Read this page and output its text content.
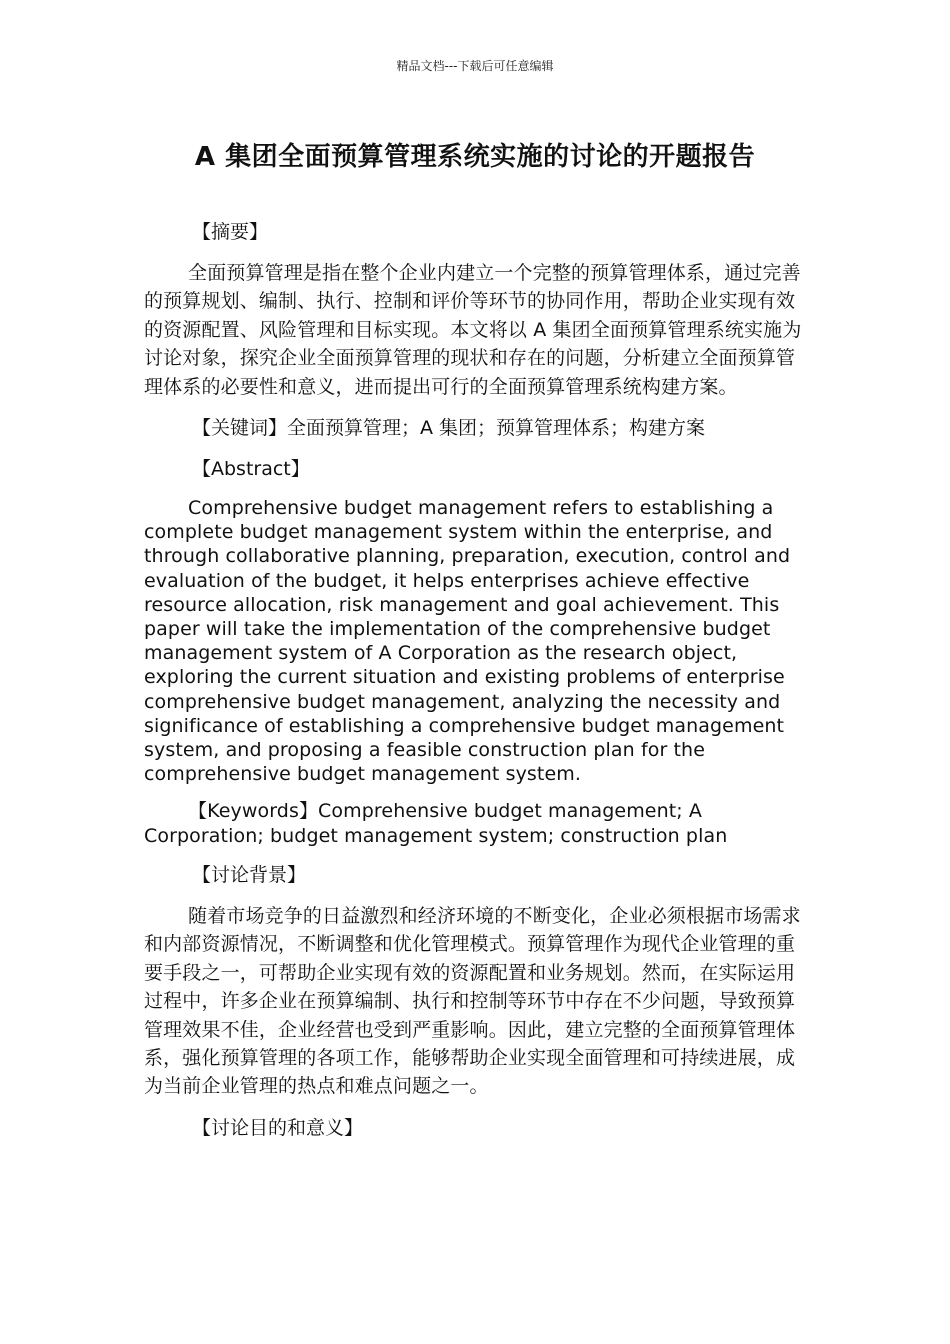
精品文档---下载后可任意编辑
A 集团全面预算管理系统实施的讨论的开题报告

【摘要】

全面预算管理是指在整个企业内建立一个完整的预算管理体系，通过完善的预算规划、编制、执行、控制和评价等环节的协同作用，帮助企业实现有效的资源配置、风险管理和目标实现。本文将以 A 集团全面预算管理系统实施为讨论对象，探究企业全面预算管理的现状和存在的问题，分析建立全面预算管理体系的必要性和意义，进而提出可行的全面预算管理系统构建方案。

【关键词】全面预算管理；A 集团；预算管理体系；构建方案

【Abstract】

Comprehensive budget management refers to establishing a complete budget management system within the enterprise, and through collaborative planning, preparation, execution, control and evaluation of the budget, it helps enterprises achieve effective resource allocation, risk management and goal achievement. This paper will take the implementation of the comprehensive budget management system of A Corporation as the research object, exploring the current situation and existing problems of enterprise comprehensive budget management, analyzing the necessity and significance of establishing a comprehensive budget management system, and proposing a feasible construction plan for the comprehensive budget management system.

【Keywords】Comprehensive budget management; A Corporation; budget management system; construction plan

【讨论背景】

随着市场竞争的日益激烈和经济环境的不断变化，企业必须根据市场需求和内部资源情况，不断调整和优化管理模式。预算管理作为现代企业管理的重要手段之一，可帮助企业实现有效的资源配置和业务规划。然而，在实际运用过程中，许多企业在预算编制、执行和控制等环节中存在不少问题，导致预算管理效果不佳，企业经营也受到严重影响。因此，建立完整的全面预算管理体系，强化预算管理的各项工作，能够帮助企业实现全面管理和可持续进展，成为当前企业管理的热点和难点问题之一。

【讨论目的和意义】
